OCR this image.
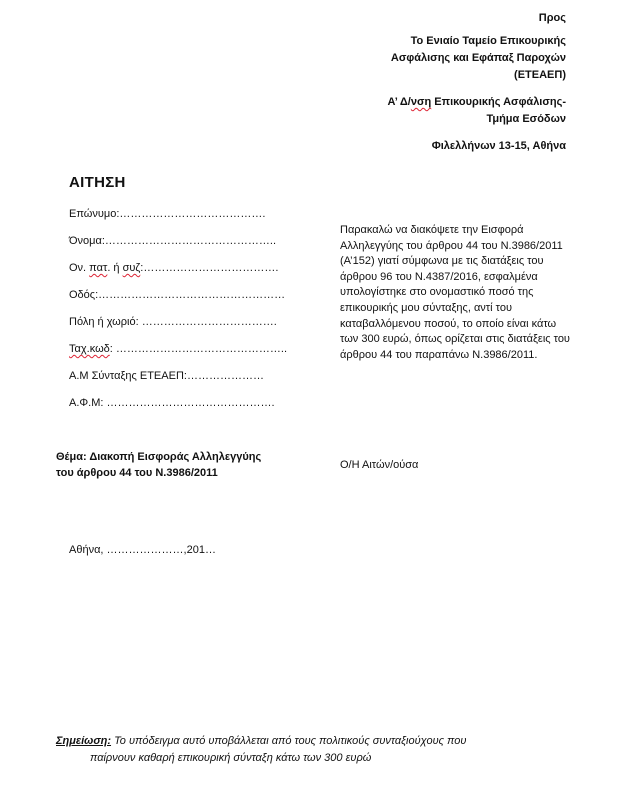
Προς
Το Ενιαίο Ταμείο Επικουρικής
Ασφάλισης και Εφάπαξ Παροχών
(ΕΤΕΑΕΠ)
Α’ Δ/νση Επικουρικής Ασφάλισης-
Τμήμα Εσόδων
Φιλελλήνων 13-15, Αθήνα
ΑΙΤΗΣΗ
Επώνυμο:………………………………….
Όνομα:………………………………………..
Ον. πατ. ή συζ:……………………………….
Οδός:……………………………………………
Πόλη ή χωριό: ……………………………….
Ταχ.κωδ: ………………………………………..
Α.Μ Σύνταξης ΕΤΕΑΕΠ:…………………
Α.Φ.Μ: ……………………………………….
Παρακαλώ να διακόψετε την Εισφορά Αλληλεγγύης του άρθρου 44 του Ν.3986/2011 (Α’152) γιατί σύμφωνα με τις διατάξεις του άρθρου 96 του Ν.4387/2016, εσφαλμένα υπολογίστηκε στο ονομαστικό ποσό της επικουρικής μου σύνταξης, αντί του καταβαλλόμενου ποσού, το οποίο είναι κάτω των 300 ευρώ, όπως ορίζεται στις διατάξεις του άρθρου 44 του παραπάνω Ν.3986/2011.
Θέμα: Διακοπή Εισφοράς Αλληλεγγύης
του άρθρου 44 του Ν.3986/2011
Ο/Η Αιτών/ούσα
Αθήνα, …………………,201…
Σημείωση: Το υπόδειγμα αυτό υποβάλλεται από τους πολιτικούς συνταξιούχους που
παίρνουν καθαρή επικουρική σύνταξη κάτω των 300 ευρώ
